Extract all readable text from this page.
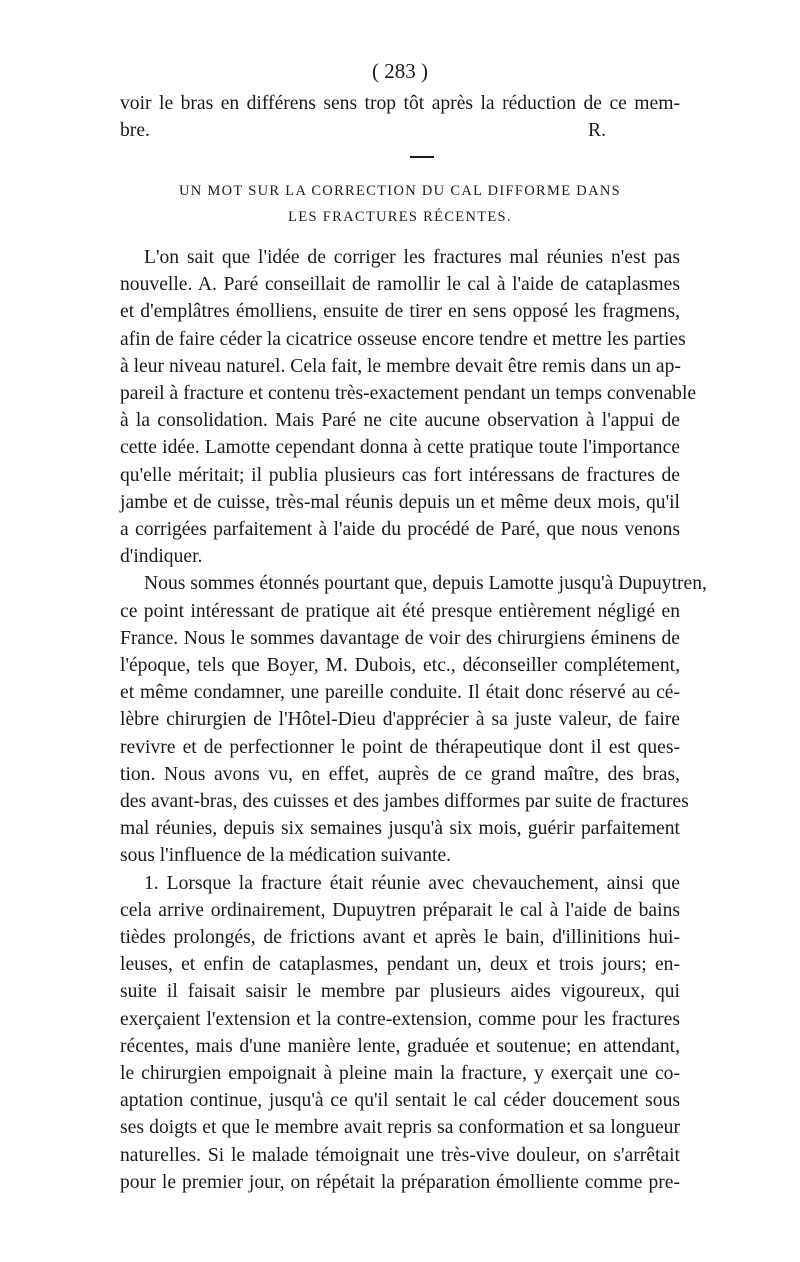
( 283 )
voir le bras en différens sens trop tôt après la réduction de ce mem-
bre.	R.
UN MOT SUR LA CORRECTION DU CAL DIFFORME DANS
LES FRACTURES RÉCENTES.
L'on sait que l'idée de corriger les fractures mal réunies n'est pas
nouvelle. A. Paré conseillait de ramollir le cal à l'aide de cataplasmes
et d'emplâtres émolliens, ensuite de tirer en sens opposé les fragmens,
afin de faire céder la cicatrice osseuse encore tendre et mettre les parties
à leur niveau naturel. Cela fait, le membre devait être remis dans un ap-
pareil à fracture et contenu très-exactement pendant un temps convenable
à la consolidation. Mais Paré ne cite aucune observation à l'appui de
cette idée. Lamotte cependant donna à cette pratique toute l'importance
qu'elle méritait; il publia plusieurs cas fort intéressans de fractures de
jambe et de cuisse, très-mal réunis depuis un et même deux mois, qu'il
a corrigées parfaitement à l'aide du procédé de Paré, que nous venons
d'indiquer.
Nous sommes étonnés pourtant que, depuis Lamotte jusqu'à Dupuytren,
ce point intéressant de pratique ait été presque entièrement négligé en
France. Nous le sommes davantage de voir des chirurgiens éminens de
l'époque, tels que Boyer, M. Dubois, etc., déconseiller complétement,
et même condamner, une pareille conduite. Il était donc réservé au cé-
lèbre chirurgien de l'Hôtel-Dieu d'apprécier à sa juste valeur, de faire
revivre et de perfectionner le point de thérapeutique dont il est ques-
tion. Nous avons vu, en effet, auprès de ce grand maître, des bras,
des avant-bras, des cuisses et des jambes difformes par suite de fractures
mal réunies, depuis six semaines jusqu'à six mois, guérir parfaitement
sous l'influence de la médication suivante.
1. Lorsque la fracture était réunie avec chevauchement, ainsi que
cela arrive ordinairement, Dupuytren préparait le cal à l'aide de bains
tièdes prolongés, de frictions avant et après le bain, d'illinitions hui-
leuses, et enfin de cataplasmes, pendant un, deux et trois jours; en-
suite il faisait saisir le membre par plusieurs aides vigoureux, qui
exerçaient l'extension et la contre-extension, comme pour les fractures
récentes, mais d'une manière lente, graduée et soutenue; en attendant,
le chirurgien empoignait à pleine main la fracture, y exerçait une co-
aptation continue, jusqu'à ce qu'il sentait le cal céder doucement sous
ses doigts et que le membre avait repris sa conformation et sa longueur
naturelles. Si le malade témoignait une très-vive douleur, on s'arrêtait
pour le premier jour, on répétait la préparation émolliente comme pre-
